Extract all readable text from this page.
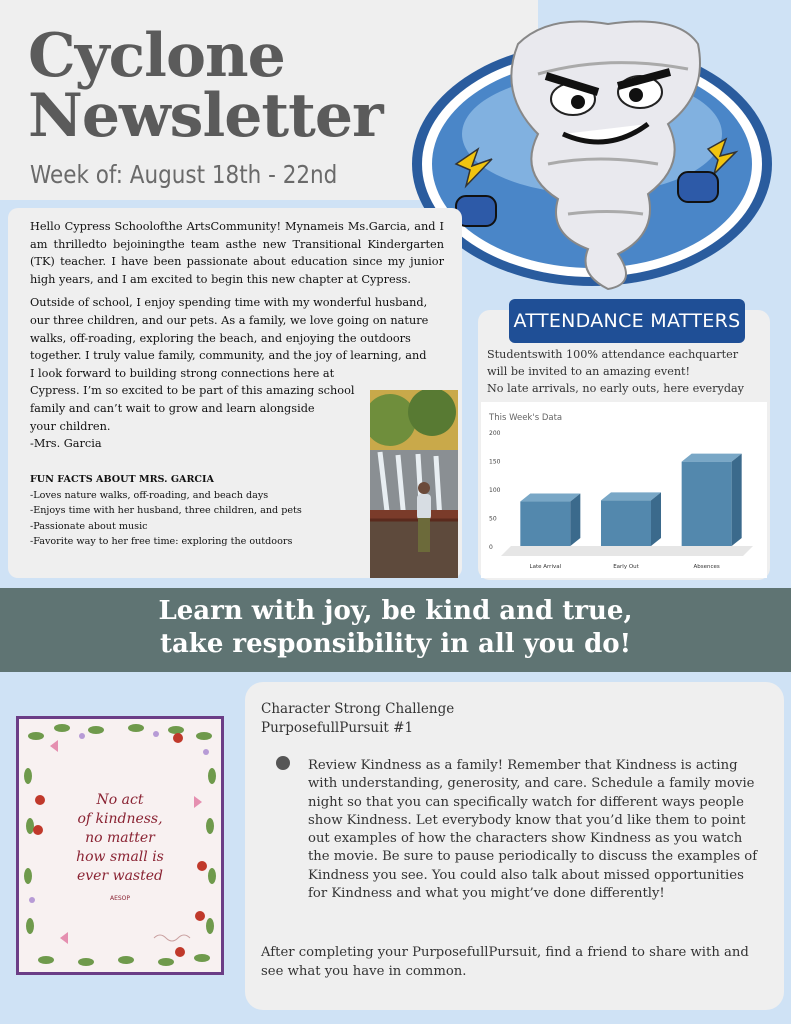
Cyclone
Newsletter
Week of: August 18th - 22nd

Hello Cypress Schoolofthe ArtsCommunity! Mynameis Ms.Garcia, and I am thrilledto bejoiningthe team asthe new Transitional Kindergarten (TK) teacher. I have been passionate about education since my junior high years, and I am excited to begin this new chapter at Cypress.

Outside of school, I enjoy spending time with my wonderful husband,
our three children, and our pets. As a family, we love going on nature
walks, off-roading, exploring the beach, and enjoying the outdoors
together. I truly value family, community, and the joy of learning, and
I look forward to building strong connections here at
Cypress. I’m so excited to be part of this amazing school
family and can’t wait to grow and learn alongside
your children.
-Mrs. Garcia
FUN FACTS ABOUT MRS. GARCIA
-Loves nature walks, off-roading, and beach days
-Enjoys time with her husband, three children, and pets
-Passionate about music
-Favorite way to her free time: exploring the outdoors
ATTENDANCE MATTERS
Studentswith 100% attendance eachquarter
will be invited to an amazing event!
No late arrivals, no early outs, here everyday
This Week's Data
0
50
100
150
200
Late Arrival	Early Out	Absences
Learn with joy, be kind and true,
take responsibility in all you do!
No act
of kindness,
no matter
how small is
ever wasted
AESOP
Character Strong Challenge
PurposefullPursuit #1
Review Kindness as a family! Remember that Kindness is acting with understanding, generosity, and care. Schedule a family movie night so that you can specifically watch for different ways people show Kindness. Let everybody know that you’d like them to point out examples of how the characters show Kindness as you watch the movie. Be sure to pause periodically to discuss the examples of Kindness you see. You could also talk about missed opportunities for Kindness and what you might’ve done differently!
After completing your PurposefullPursuit, find a friend to share with and see what you have in common.
